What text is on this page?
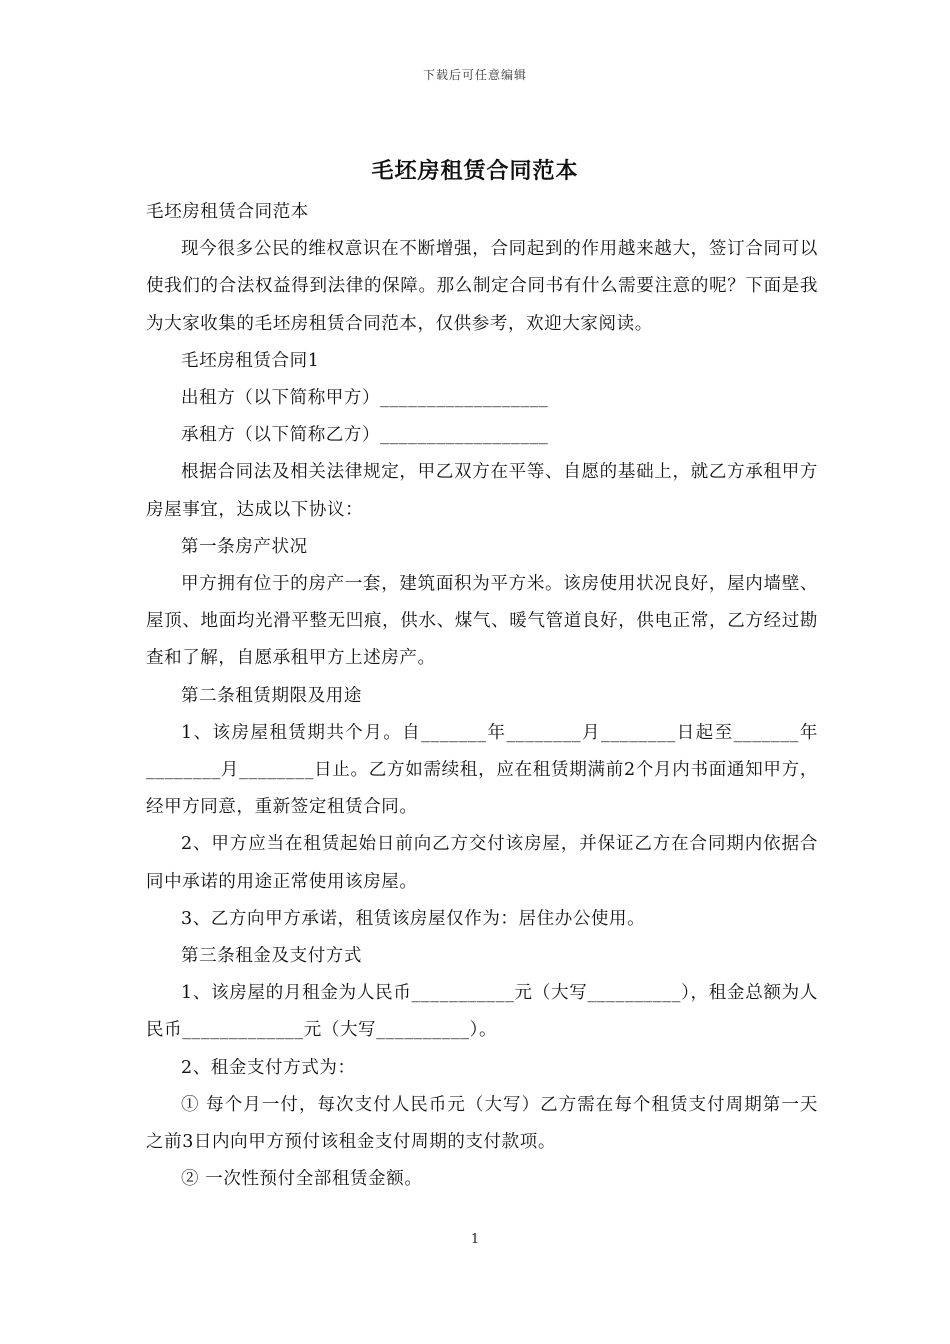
下载后可任意编辑
毛坯房租赁合同范本

毛坯房租赁合同范本

现今很多公民的维权意识在不断增强，合同起到的作用越来越大，签订合同可以使我们的合法权益得到法律的保障。那么制定合同书有什么需要注意的呢？下面是我为大家收集的毛坯房租赁合同范本，仅供参考，欢迎大家阅读。

毛坯房租赁合同1

出租方（以下简称甲方）__________________

承租方（以下简称乙方）__________________

根据合同法及相关法律规定，甲乙双方在平等、自愿的基础上，就乙方承租甲方房屋事宜，达成以下协议：

第一条房产状况

甲方拥有位于的房产一套，建筑面积为平方米。该房使用状况良好，屋内墙壁、屋顶、地面均光滑平整无凹痕，供水、煤气、暖气管道良好，供电正常，乙方经过勘查和了解，自愿承租甲方上述房产。

第二条租赁期限及用途

1、该房屋租赁期共个月。自_______年________月________日起至_______年________月________日止。乙方如需续租，应在租赁期满前2个月内书面通知甲方，经甲方同意，重新签定租赁合同。

2、甲方应当在租赁起始日前向乙方交付该房屋，并保证乙方在合同期内依据合同中承诺的用途正常使用该房屋。

3、乙方向甲方承诺，租赁该房屋仅作为：居住办公使用。

第三条租金及支付方式

1、该房屋的月租金为人民币___________元（大写__________），租金总额为人民币_____________元（大写__________）。

2、租金支付方式为：

① 每个月一付，每次支付人民币元（大写）乙方需在每个租赁支付周期第一天之前3日内向甲方预付该租金支付周期的支付款项。

② 一次性预付全部租赁金额。

1
